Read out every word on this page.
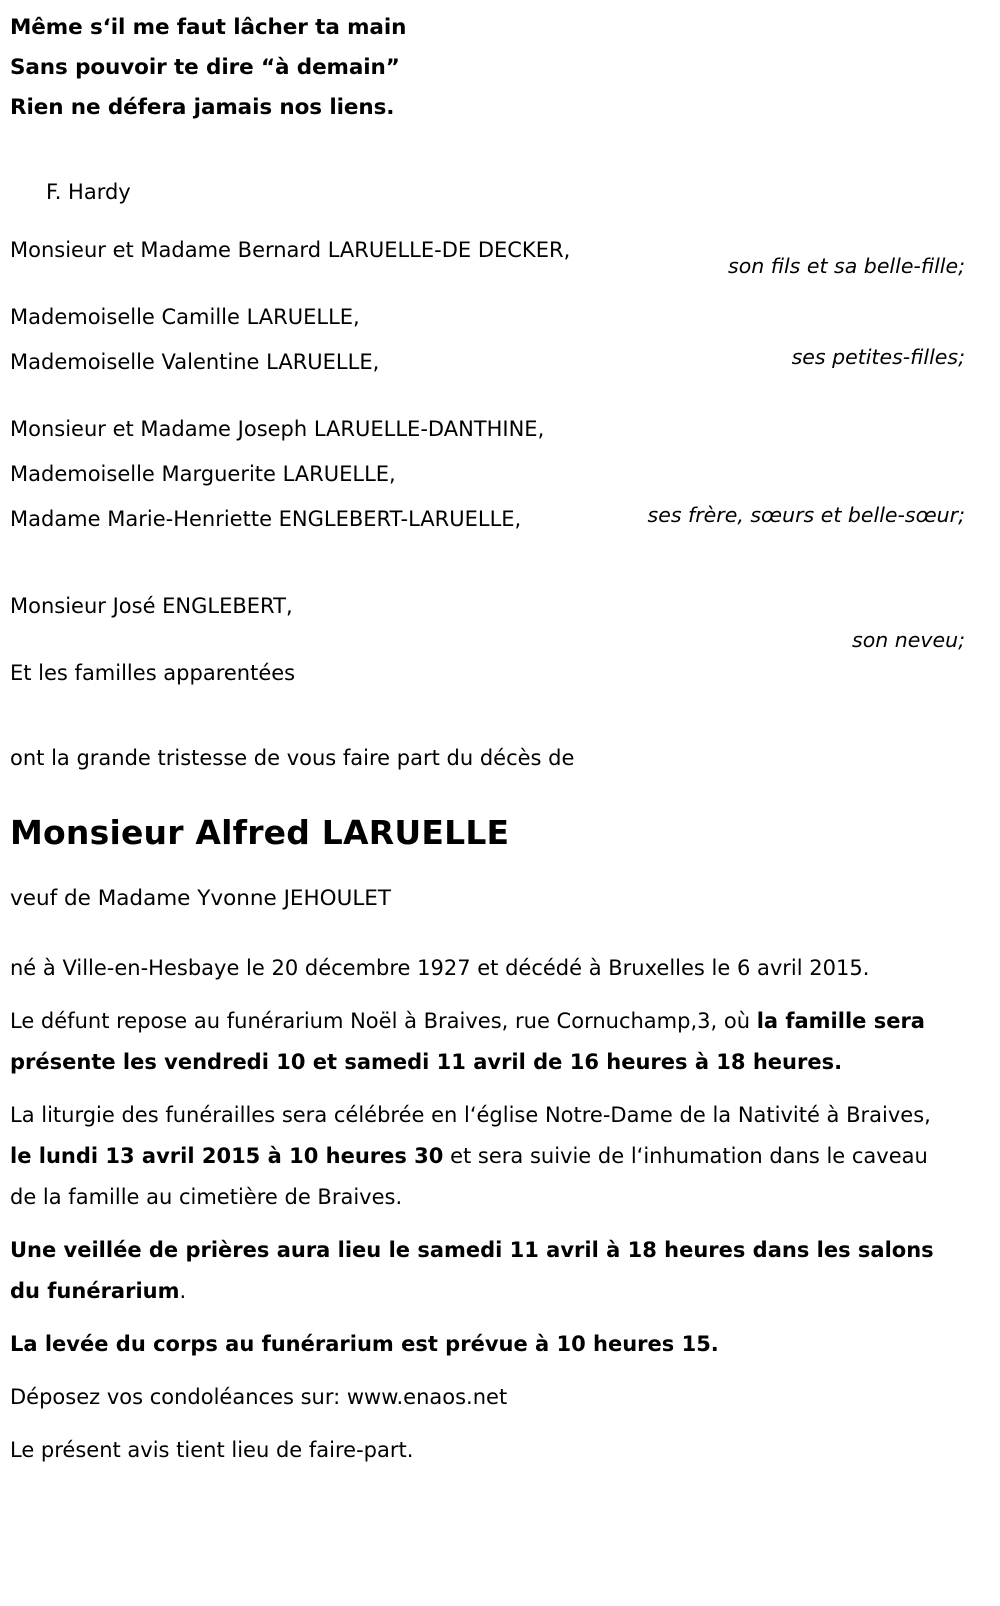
Même s‘il me faut lâcher ta main
Sans pouvoir te dire “à demain”
Rien ne défera jamais nos liens.
F. Hardy
son fils et sa belle-fille;
Monsieur et Madame Bernard LARUELLE-DE DECKER,
ses petites-filles;
Mademoiselle Camille LARUELLE,
Mademoiselle Valentine LARUELLE,
ses frère, sœurs et belle-sœur;
Monsieur et Madame Joseph LARUELLE-DANTHINE,
Mademoiselle Marguerite LARUELLE,
Madame Marie-Henriette ENGLEBERT-LARUELLE,
son neveu;
Monsieur José ENGLEBERT,
Et les familles apparentées
ont la grande tristesse de vous faire part du décès de
Monsieur Alfred LARUELLE
veuf de Madame Yvonne JEHOULET
né à Ville-en-Hesbaye le 20 décembre 1927 et décédé à Bruxelles le 6 avril 2015.
Le défunt repose au funérarium Noël à Braives, rue Cornuchamp,3, où la famille sera présente les vendredi 10 et samedi 11 avril de 16 heures à 18 heures.
La liturgie des funérailles sera célébrée en l‘église Notre-Dame de la Nativité à Braives, le lundi 13 avril 2015 à 10 heures 30 et sera suivie de l‘inhumation dans le caveau de la famille au cimetière de Braives.
Une veillée de prières aura lieu le samedi 11 avril à 18 heures dans les salons du funérarium.
La levée du corps au funérarium est prévue à 10 heures 15.
Déposez vos condoléances sur: www.enaos.net
Le présent avis tient lieu de faire-part.
